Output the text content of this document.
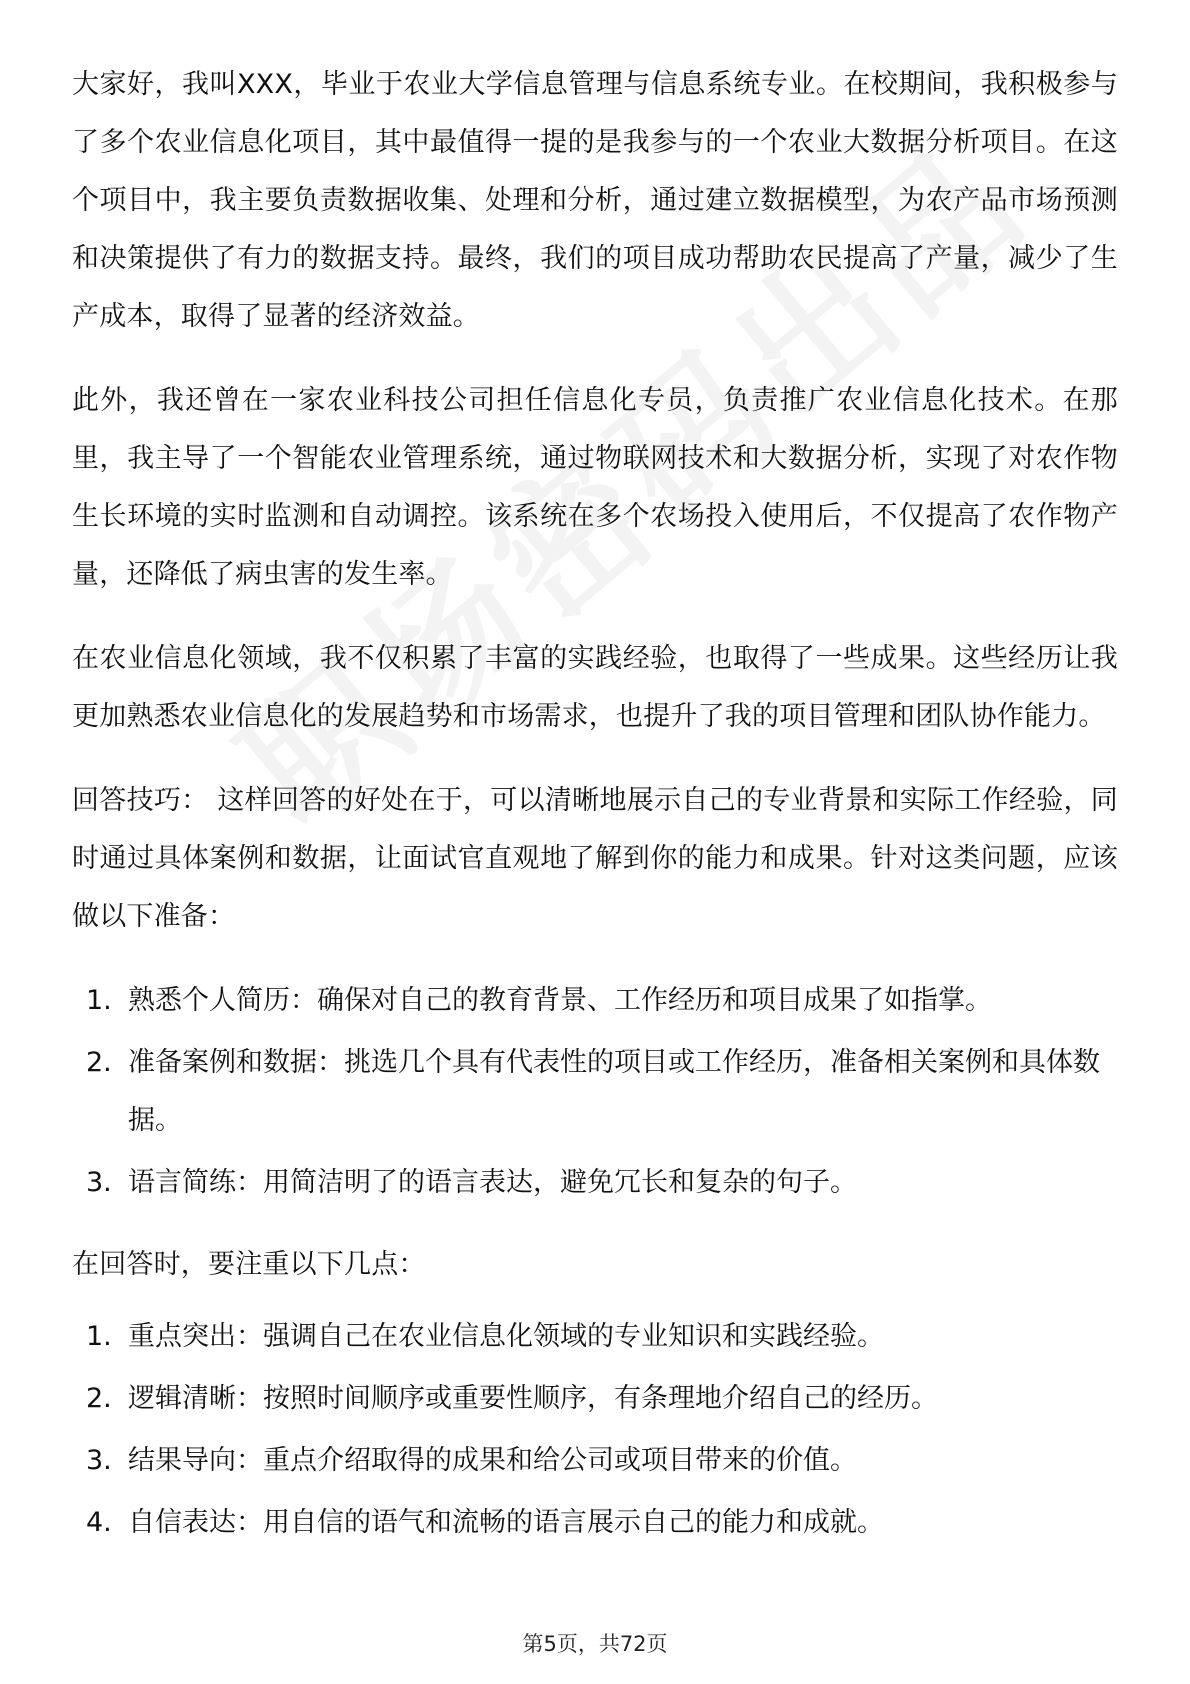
大家好，我叫XXX，毕业于农业大学信息管理与信息系统专业。在校期间，我积极参与了多个农业信息化项目，其中最值得一提的是我参与的一个农业大数据分析项目。在这个项目中，我主要负责数据收集、处理和分析，通过建立数据模型，为农产品市场预测和决策提供了有力的数据支持。最终，我们的项目成功帮助农民提高了产量，减少了生产成本，取得了显著的经济效益。

此外，我还曾在一家农业科技公司担任信息化专员，负责推广农业信息化技术。在那里，我主导了一个智能农业管理系统，通过物联网技术和大数据分析，实现了对农作物生长环境的实时监测和自动调控。该系统在多个农场投入使用后，不仅提高了农作物产量，还降低了病虫害的发生率。

在农业信息化领域，我不仅积累了丰富的实践经验，也取得了一些成果。这些经历让我更加熟悉农业信息化的发展趋势和市场需求，也提升了我的项目管理和团队协作能力。

回答技巧： 这样回答的好处在于，可以清晰地展示自己的专业背景和实际工作经验，同时通过具体案例和数据，让面试官直观地了解到你的能力和成果。针对这类问题，应该做以下准备：

1. 熟悉个人简历：确保对自己的教育背景、工作经历和项目成果了如指掌。
2. 准备案例和数据：挑选几个具有代表性的项目或工作经历，准备相关案例和具体数据。
3. 语言简练：用简洁明了的语言表达，避免冗长和复杂的句子。

在回答时，要注重以下几点：

1. 重点突出：强调自己在农业信息化领域的专业知识和实践经验。
2. 逻辑清晰：按照时间顺序或重要性顺序，有条理地介绍自己的经历。
3. 结果导向：重点介绍取得的成果和给公司或项目带来的价值。
4. 自信表达：用自信的语气和流畅的语言展示自己的能力和成就。
第5页，共72页
